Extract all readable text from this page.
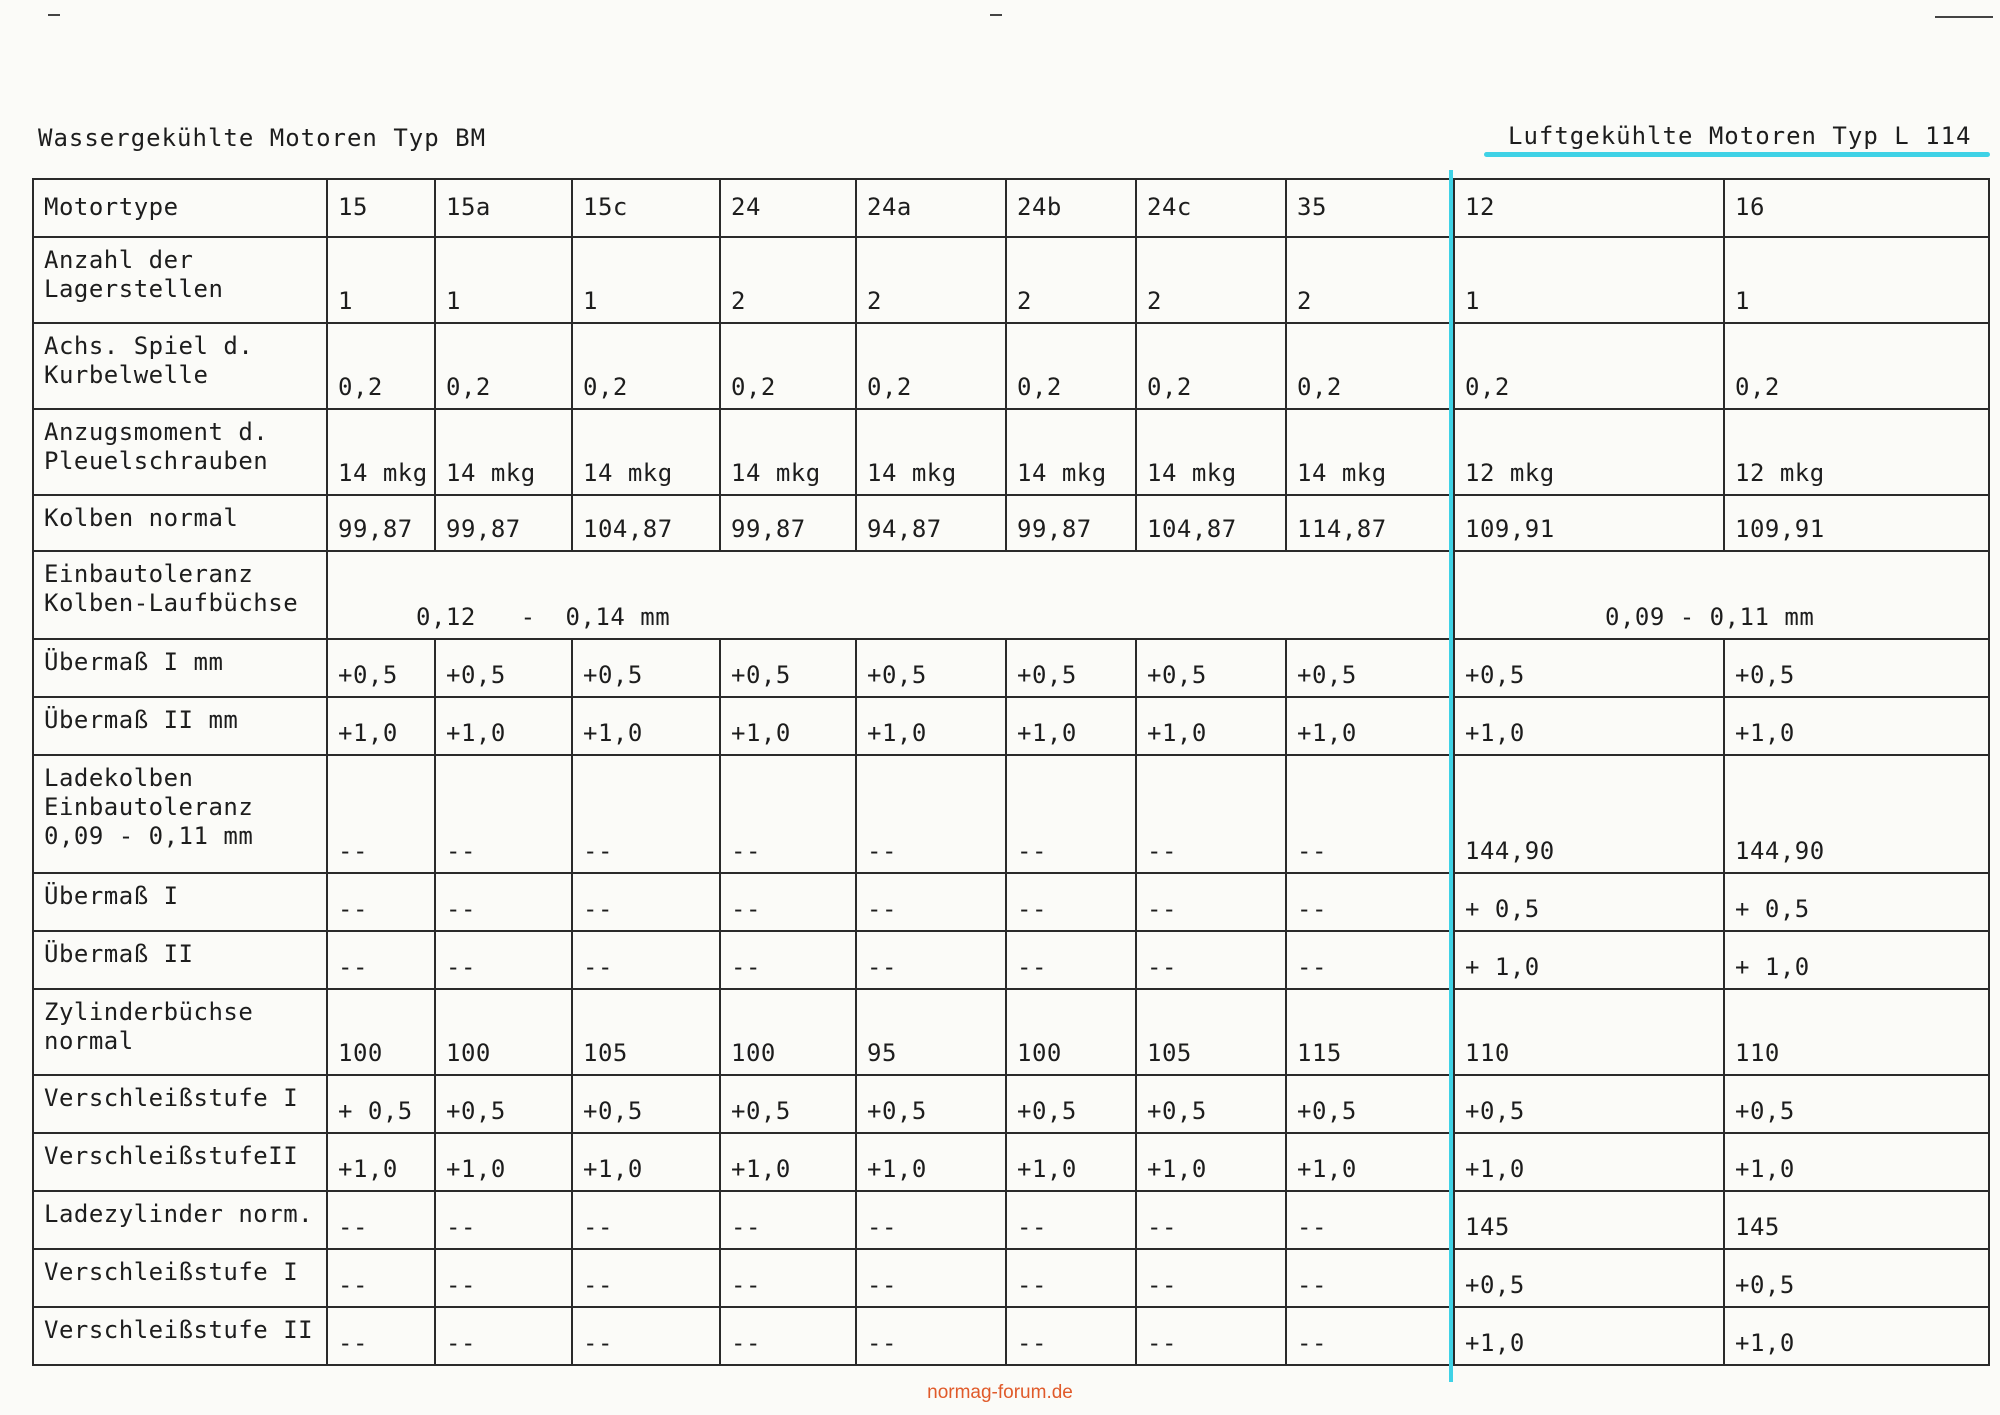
Wassergekühlte Motoren Typ BM	Luftgekühlte Motoren Typ L 114
Motortype	15	15a	15c	24	24a	24b	24c	35	12	16
Anzahl der Lagerstellen	1	1	1	2	2	2	2	2	1	1
Achs. Spiel d. Kurbelwelle	0,2	0,2	0,2	0,2	0,2	0,2	0,2	0,2	0,2	0,2
Anzugsmoment d. Pleuelschrauben	14 mkg	14 mkg	14 mkg	14 mkg	14 mkg	14 mkg	14 mkg	14 mkg	12 mkg	12 mkg
Kolben normal	99,87	99,87	104,87	99,87	94,87	99,87	104,87	114,87	109,91	109,91
Einbautoleranz Kolben-Laufbüchse	0,12   -  0,14 mm								0,09 - 0,11 mm	
Übermaß I mm	+0,5	+0,5	+0,5	+0,5	+0,5	+0,5	+0,5	+0,5	+0,5	+0,5
Übermaß II mm	+1,0	+1,0	+1,0	+1,0	+1,0	+1,0	+1,0	+1,0	+1,0	+1,0
Ladekolben Einbautoleranz 0,09 - 0,11 mm	--	--	--	--	--	--	--	--	144,90	144,90
Übermaß I	--	--	--	--	--	--	--	--	+ 0,5	+ 0,5
Übermaß II	--	--	--	--	--	--	--	--	+ 1,0	+ 1,0
Zylinderbüchse normal	100	100	105	100	95	100	105	115	110	110
Verschleißstufe I	+ 0,5	+0,5	+0,5	+0,5	+0,5	+0,5	+0,5	+0,5	+0,5	+0,5
VerschleißstufeII	+1,0	+1,0	+1,0	+1,0	+1,0	+1,0	+1,0	+1,0	+1,0	+1,0
Ladezylinder norm.	--	--	--	--	--	--	--	--	145	145
Verschleißstufe I	--	--	--	--	--	--	--	--	+0,5	+0,5
Verschleißstufe II	--	--	--	--	--	--	--	--	+1,0	+1,0
normag-forum.de
